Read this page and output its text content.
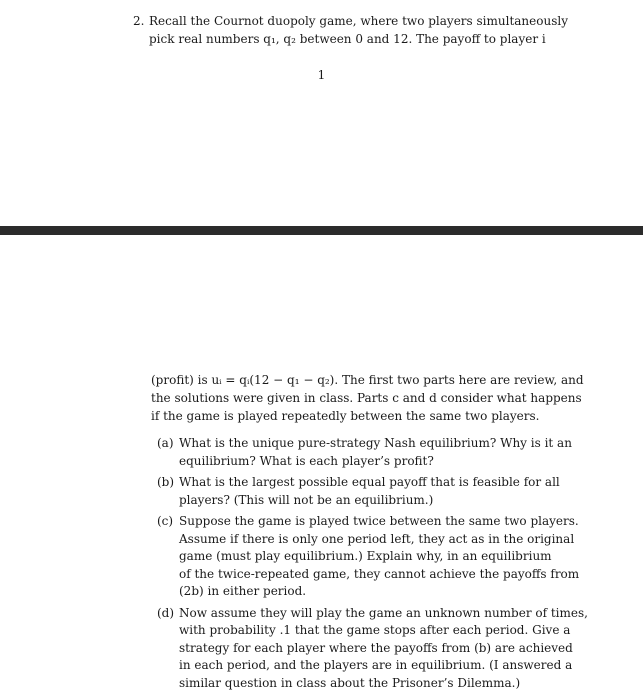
2. Recall the Cournot duopoly game, where two players simultaneously
pick real numbers q₁, q₂ between 0 and 12. The payoff to player i
1
(profit) is uᵢ = qᵢ(12 − q₁ − q₂). The first two parts here are review, and
the solutions were given in class. Parts c and d consider what happens
if the game is played repeatedly between the same two players.
(a) What is the unique pure-strategy Nash equilibrium? Why is it an
equilibrium? What is each player’s profit?
(b) What is the largest possible equal payoff that is feasible for all
players? (This will not be an equilibrium.)
(c) Suppose the game is played twice between the same two players.
Assume if there is only one period left, they act as in the original
game (must play equilibrium.) Explain why, in an equilibrium
of the twice-repeated game, they cannot achieve the payoffs from
(2b) in either period.
(d) Now assume they will play the game an unknown number of times,
with probability .1 that the game stops after each period. Give a
strategy for each player where the payoffs from (b) are achieved
in each period, and the players are in equilibrium. (I answered a
similar question in class about the Prisoner’s Dilemma.)
